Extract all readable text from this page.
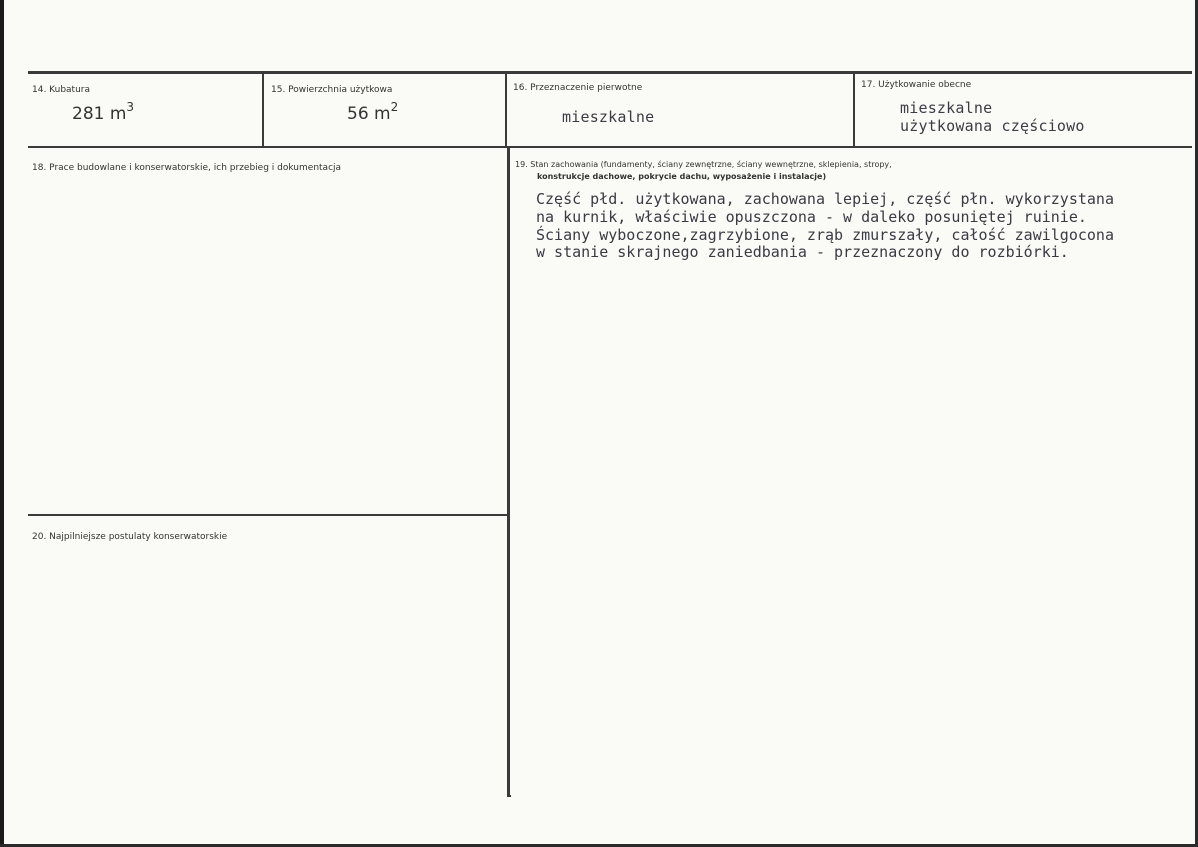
14. Kubatura
281 $m^3$
15. Powierzchnia użytkowa
56 $m^2$
16. Przeznaczenie pierwotne
mieszkalne
17. Użytkowanie obecne
mieszkalne
użytkowana częściowo
18. Prace budowlane i konserwatorskie, ich przebieg i dokumentacja	19. Stan zachowania (fundamenty, ściany zewnętrzne, ściany wewnętrzne, sklepienia, stropy,
konstrukcje dachowe, pokrycie dachu, wyposażenie i instalacje)
Część płd. użytkowana, zachowana lepiej, część płn. wykorzystana
na kurnik, właściwie opuszczona - w daleko posuniętej ruinie.
Ściany wyboczone,zagrzybione, zrąb zmurszały, całość zawilgocona
w stanie skrajnego zaniedbania - przeznaczony do rozbiórki.
20. Najpilniejsze postulaty konserwatorskie
